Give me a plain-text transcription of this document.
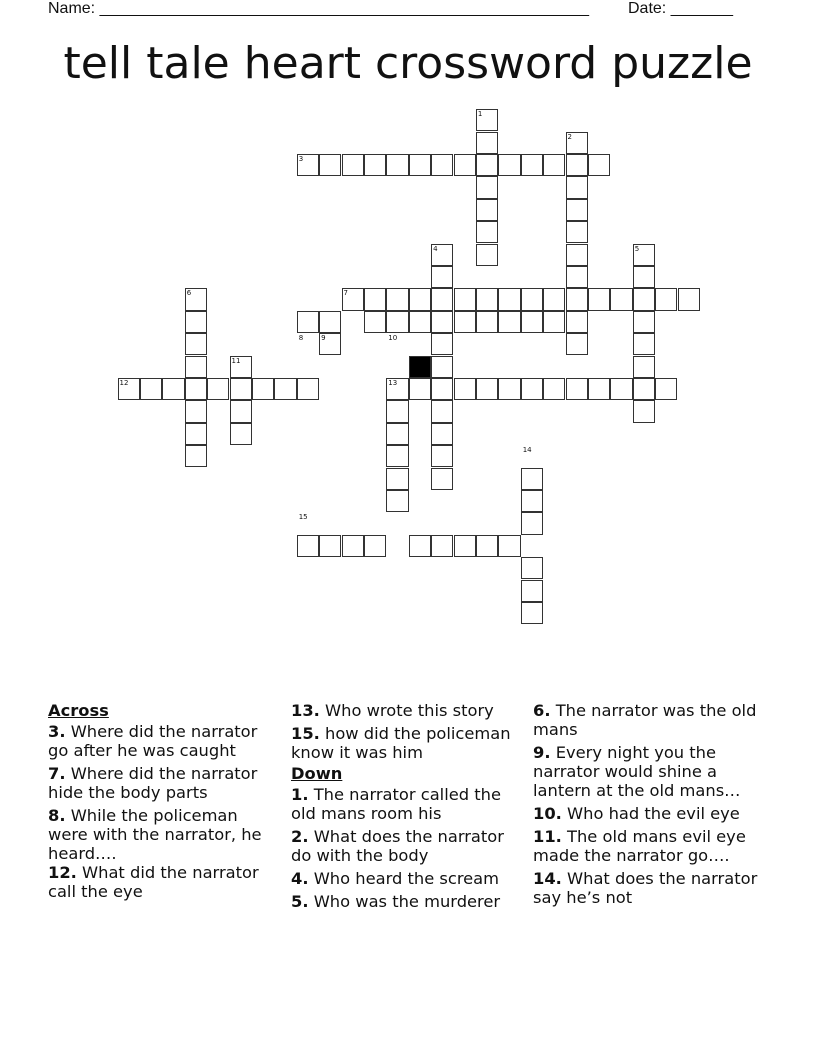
Name: _______________________________________________________ Date: _______
tell tale heart crossword puzzle
1
2
3
4	5
6	7
8	9	10
11
12	13
14
15
Across
3. Where did the narrator go after he was caught
7. Where did the narrator hide the body parts
8. While the policeman were with the narrator, he heard….
12. What did the narrator call the eye
13. Who wrote this story
15. how did the policeman know it was him
Down
1. The narrator called the old mans room his
2. What does the narrator do with the body
4. Who heard the scream
5. Who was the murderer
6. The narrator was the old mans
9. Every night you the narrator would shine a lantern at the old mans…
10. Who had the evil eye
11. The old mans evil eye made the narrator go….
14. What does the narrator say he’s not
